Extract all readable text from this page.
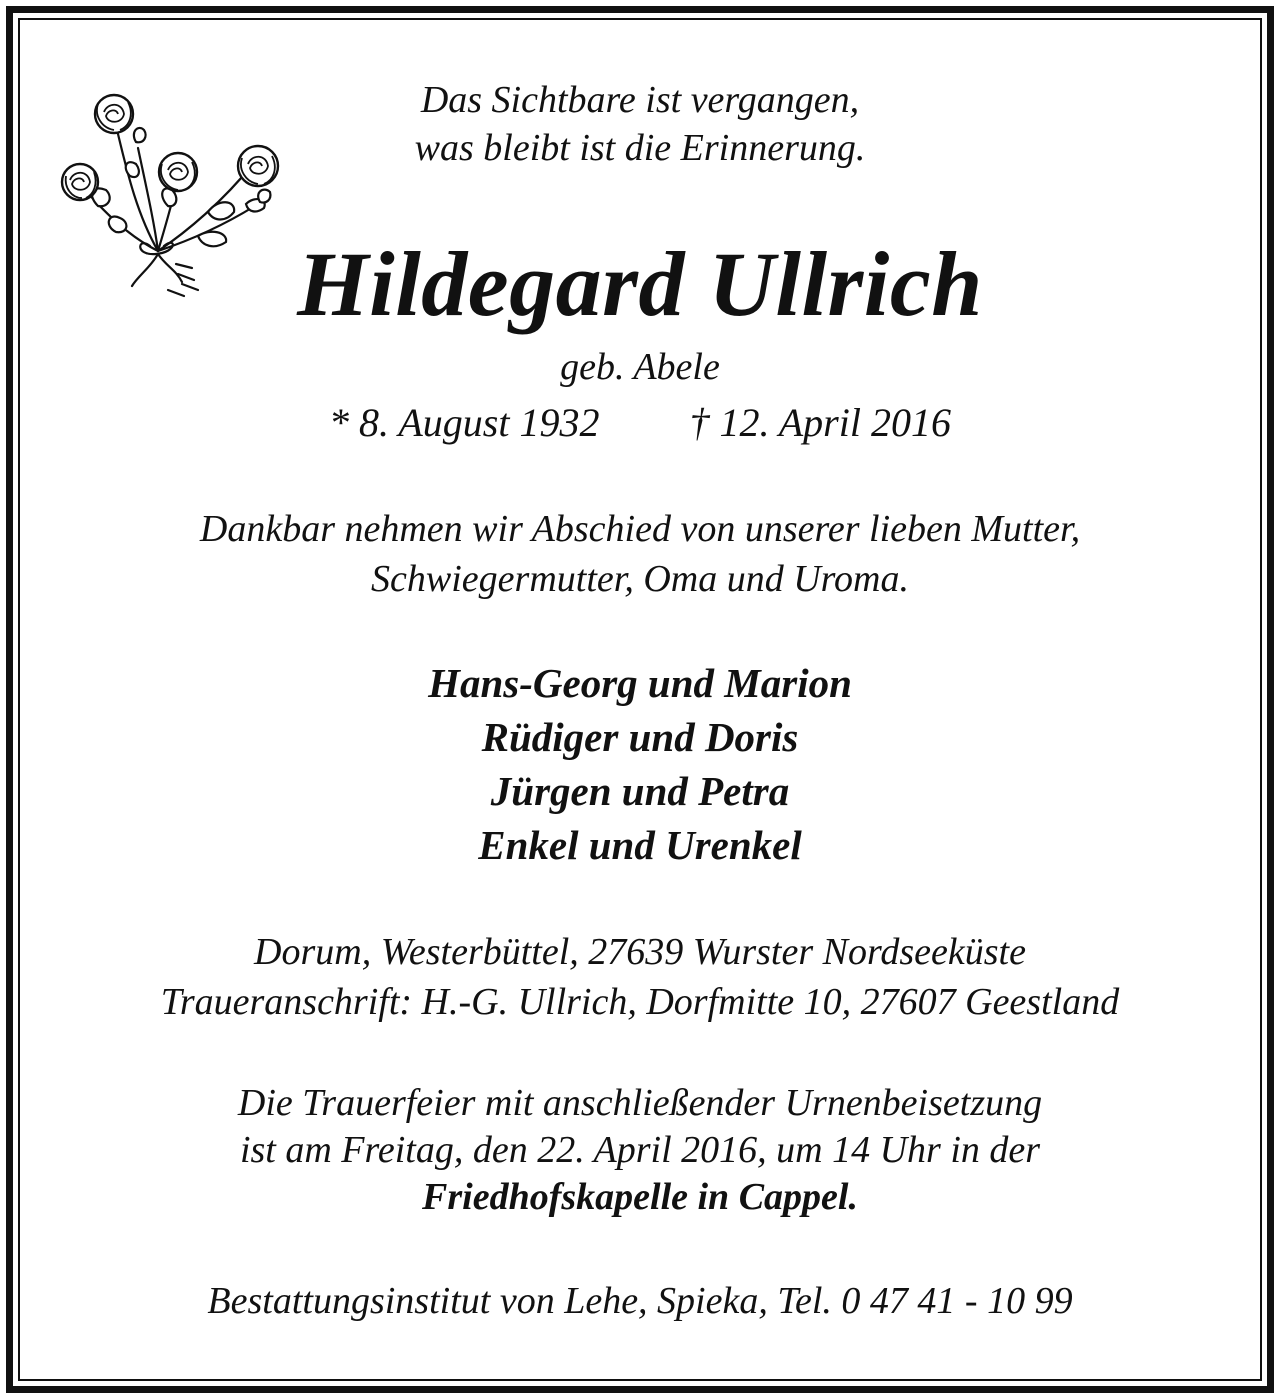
Das Sichtbare ist vergangen,
was bleibt ist die Erinnerung.
Hildegard Ullrich
geb. Abele
* 8. August 1932 † 12. April 2016
Dankbar nehmen wir Abschied von unserer lieben Mutter,
Schwiegermutter, Oma und Uroma.
Hans-Georg und Marion
Rüdiger und Doris
Jürgen und Petra
Enkel und Urenkel
Dorum, Westerbüttel, 27639 Wurster Nordseeküste
Traueranschrift: H.-G. Ullrich, Dorfmitte 10, 27607 Geestland
Die Trauerfeier mit anschließender Urnenbeisetzung
ist am Freitag, den 22. April 2016, um 14 Uhr in der
Friedhofskapelle in Cappel.
Bestattungsinstitut von Lehe, Spieka, Tel. 0 47 41 - 10 99
